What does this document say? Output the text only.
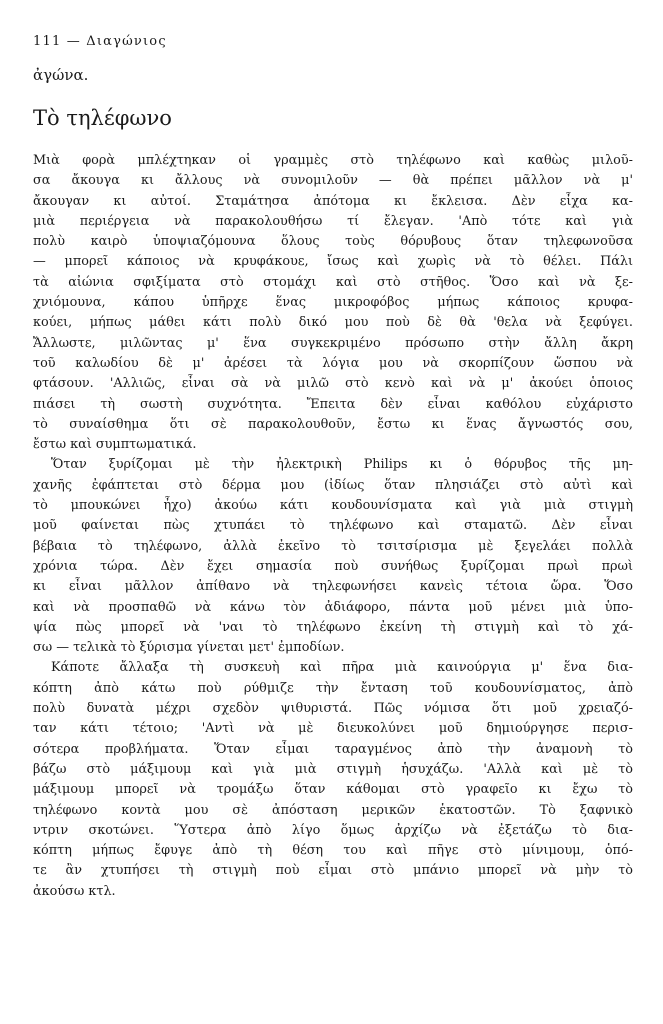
111 — Διαγώνιος
ἀγώνα.
Τὸ τηλέφωνο
Μιὰ φορὰ μπλέχτηκαν οἱ γραμμὲς στὸ τηλέφωνο καὶ καθὼς μιλοῦ-
σα ἄκουγα κι ἄλλους νὰ συνομιλοῦν — θὰ πρέπει μᾶλλον νὰ μ'
ἄκουγαν κι αὐτοί. Σταμάτησα ἀπότομα κι ἔκλεισα. Δὲν εἶχα κα-
μιὰ περιέργεια νὰ παρακολουθήσω τί ἔλεγαν. 'Απὸ τότε καὶ γιὰ
πολὺ καιρὸ ὑποψιαζόμουνα ὅλους τοὺς θόρυβους ὅταν τηλεφωνοῦσα
— μπορεῖ κάποιος νὰ κρυφάκουε, ἴσως καὶ χωρὶς νὰ τὸ θέλει. Πάλι
τὰ αἰώνια σφιξίματα στὸ στομάχι καὶ στὸ στῆθος. Ὅσο καὶ νὰ ξε-
χνιόμουνα, κάπου ὑπῆρχε ἕνας μικροφόβος μήπως κάποιος κρυφα-
κούει, μήπως μάθει κάτι πολὺ δικό μου ποὺ δὲ θὰ 'θελα νὰ ξεφύγει.
Ἄλλωστε, μιλῶντας μ' ἕνα συγκεκριμένο πρόσωπο στὴν ἄλλη ἄκρη
τοῦ καλωδίου δὲ μ' ἀρέσει τὰ λόγια μου νὰ σκορπίζουν ὥσπου νὰ
φτάσουν. 'Αλλιῶς, εἶναι σὰ νὰ μιλῶ στὸ κενὸ καὶ νὰ μ' ἀκούει ὁποιος
πιάσει τὴ σωστὴ συχνότητα. Ἔπειτα δὲν εἶναι καθόλου εὐχάριστο
τὸ συναίσθημα ὅτι σὲ παρακολουθοῦν, ἔστω κι ἕνας ἄγνωστός σου,
ἔστω καὶ συμπτωματικά.
Ὅταν ξυρίζομαι μὲ τὴν ἠλεκτρικὴ Philips κι ὁ θόρυβος τῆς μη-
χανῆς ἐφάπτεται στὸ δέρμα μου (ἰδίως ὅταν πλησιάζει στὸ αὐτὶ καὶ
τὸ μπουκώνει ἦχο) ἀκούω κάτι κουδουνίσματα καὶ γιὰ μιὰ στιγμὴ
μοῦ φαίνεται πὼς χτυπάει τὸ τηλέφωνο καὶ σταματῶ. Δὲν εἶναι
βέβαια τὸ τηλέφωνο, ἀλλὰ ἐκεῖνο τὸ τσιτσίρισμα μὲ ξεγελάει πολλὰ
χρόνια τώρα. Δὲν ἔχει σημασία ποὺ συνήθως ξυρίζομαι πρωὶ πρωὶ
κι εἶναι μᾶλλον ἀπίθανο νὰ τηλεφωνήσει κανεὶς τέτοια ὥρα. Ὅσο
καὶ νὰ προσπαθῶ νὰ κάνω τὸν ἀδιάφορο, πάντα μοῦ μένει μιὰ ὑπο-
ψία πὼς μπορεῖ νὰ 'ναι τὸ τηλέφωνο ἐκείνη τὴ στιγμὴ καὶ τὸ χά-
σω — τελικὰ τὸ ξύρισμα γίνεται μετ' ἐμποδίων.
Κάποτε ἄλλαξα τὴ συσκευὴ καὶ πῆρα μιὰ καινούργια μ' ἕνα δια-
κόπτη ἀπὸ κάτω ποὺ ρύθμιζε τὴν ἔνταση τοῦ κουδουνίσματος, ἀπὸ
πολὺ δυνατὰ μέχρι σχεδὸν ψιθυριστά. Πῶς νόμισα ὅτι μοῦ χρειαζό-
ταν κάτι τέτοιο; 'Αντὶ νὰ μὲ διευκολύνει μοῦ δημιούργησε περισ-
σότερα προβλήματα. Ὅταν εἶμαι ταραγμένος ἀπὸ τὴν ἀναμονὴ τὸ
βάζω στὸ μάξιμουμ καὶ γιὰ μιὰ στιγμὴ ἡσυχάζω. 'Αλλὰ καὶ μὲ τὸ
μάξιμουμ μπορεῖ νὰ τρομάξω ὅταν κάθομαι στὸ γραφεῖο κι ἔχω τὸ
τηλέφωνο κοντὰ μου σὲ ἀπόσταση μερικῶν ἑκατοστῶν. Τὸ ξαφνικὸ
ντριν σκοτώνει. Ὕστερα ἀπὸ λίγο ὅμως ἀρχίζω νὰ ἐξετάζω τὸ δια-
κόπτη μήπως ἔφυγε ἀπὸ τὴ θέση του καὶ πῆγε στὸ μίνιμουμ, ὁπό-
τε ἂν χτυπήσει τὴ στιγμὴ ποὺ εἶμαι στὸ μπάνιο μπορεῖ νὰ μὴν τὸ
ἀκούσω κτλ.
